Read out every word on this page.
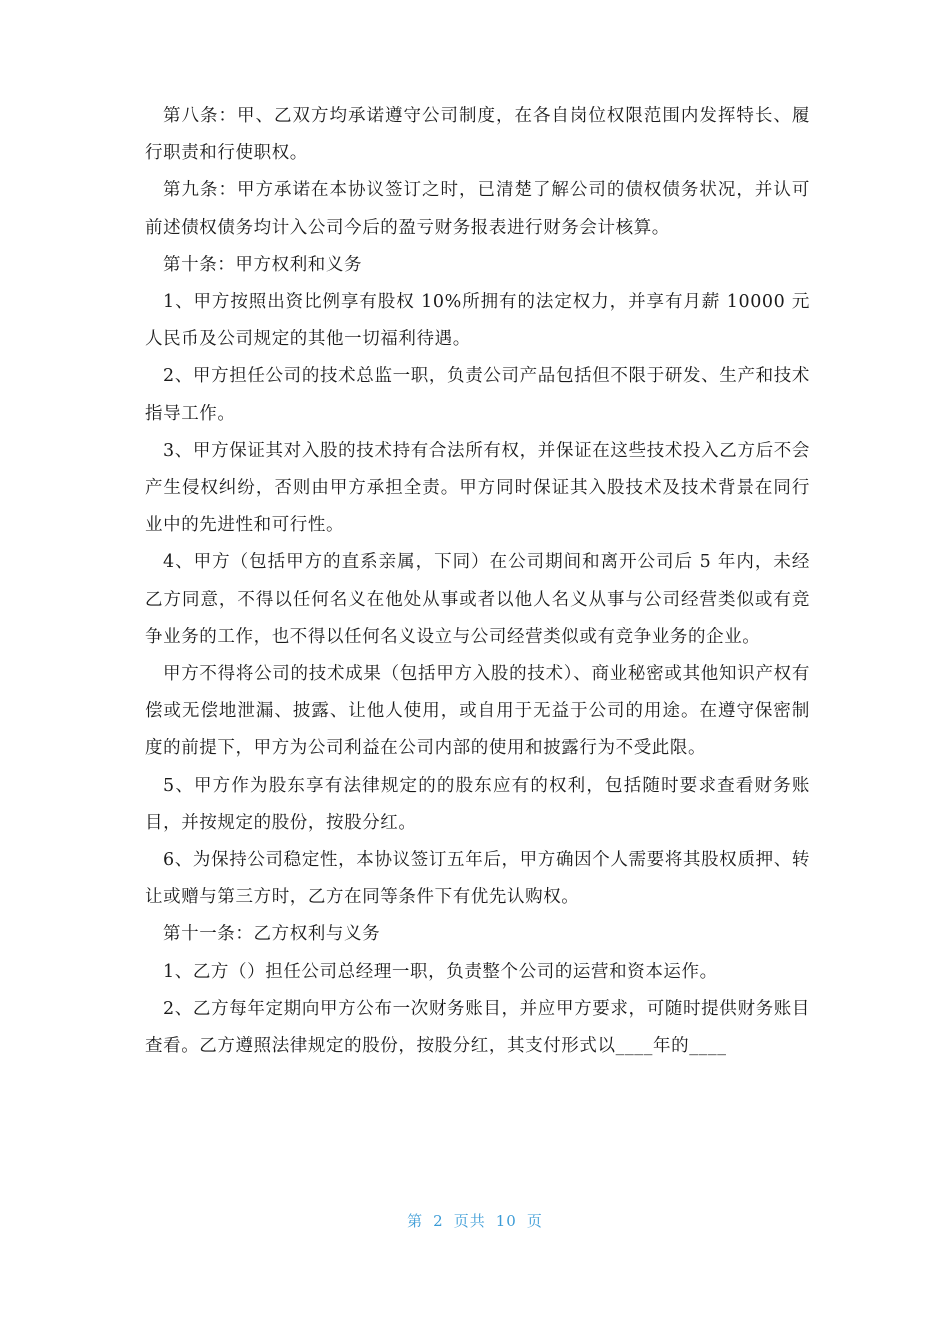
第八条：甲、乙双方均承诺遵守公司制度，在各自岗位权限范围内发挥特长、履行职责和行使职权。

第九条：甲方承诺在本协议签订之时，已清楚了解公司的债权债务状况，并认可前述债权债务均计入公司今后的盈亏财务报表进行财务会计核算。

第十条：甲方权利和义务

1、甲方按照出资比例享有股权 10%所拥有的法定权力，并享有月薪 10000 元人民币及公司规定的其他一切福利待遇。

2、甲方担任公司的技术总监一职，负责公司产品包括但不限于研发、生产和技术指导工作。

3、甲方保证其对入股的技术持有合法所有权，并保证在这些技术投入乙方后不会产生侵权纠纷，否则由甲方承担全责。甲方同时保证其入股技术及技术背景在同行业中的先进性和可行性。

4、甲方（包括甲方的直系亲属，下同）在公司期间和离开公司后 5 年内，未经乙方同意，不得以任何名义在他处从事或者以他人名义从事与公司经营类似或有竞争业务的工作，也不得以任何名义设立与公司经营类似或有竞争业务的企业。

甲方不得将公司的技术成果（包括甲方入股的技术）、商业秘密或其他知识产权有偿或无偿地泄漏、披露、让他人使用，或自用于无益于公司的用途。在遵守保密制度的前提下，甲方为公司利益在公司内部的使用和披露行为不受此限。

5、甲方作为股东享有法律规定的的股东应有的权利，包括随时要求查看财务账目，并按规定的股份，按股分红。

6、为保持公司稳定性，本协议签订五年后，甲方确因个人需要将其股权质押、转让或赠与第三方时，乙方在同等条件下有优先认购权。

第十一条：乙方权利与义务

1、乙方（）担任公司总经理一职，负责整个公司的运营和资本运作。

2、乙方每年定期向甲方公布一次财务账目，并应甲方要求，可随时提供财务账目查看。乙方遵照法律规定的股份，按股分红，其支付形式以____年的____

第 2 页共 10 页
